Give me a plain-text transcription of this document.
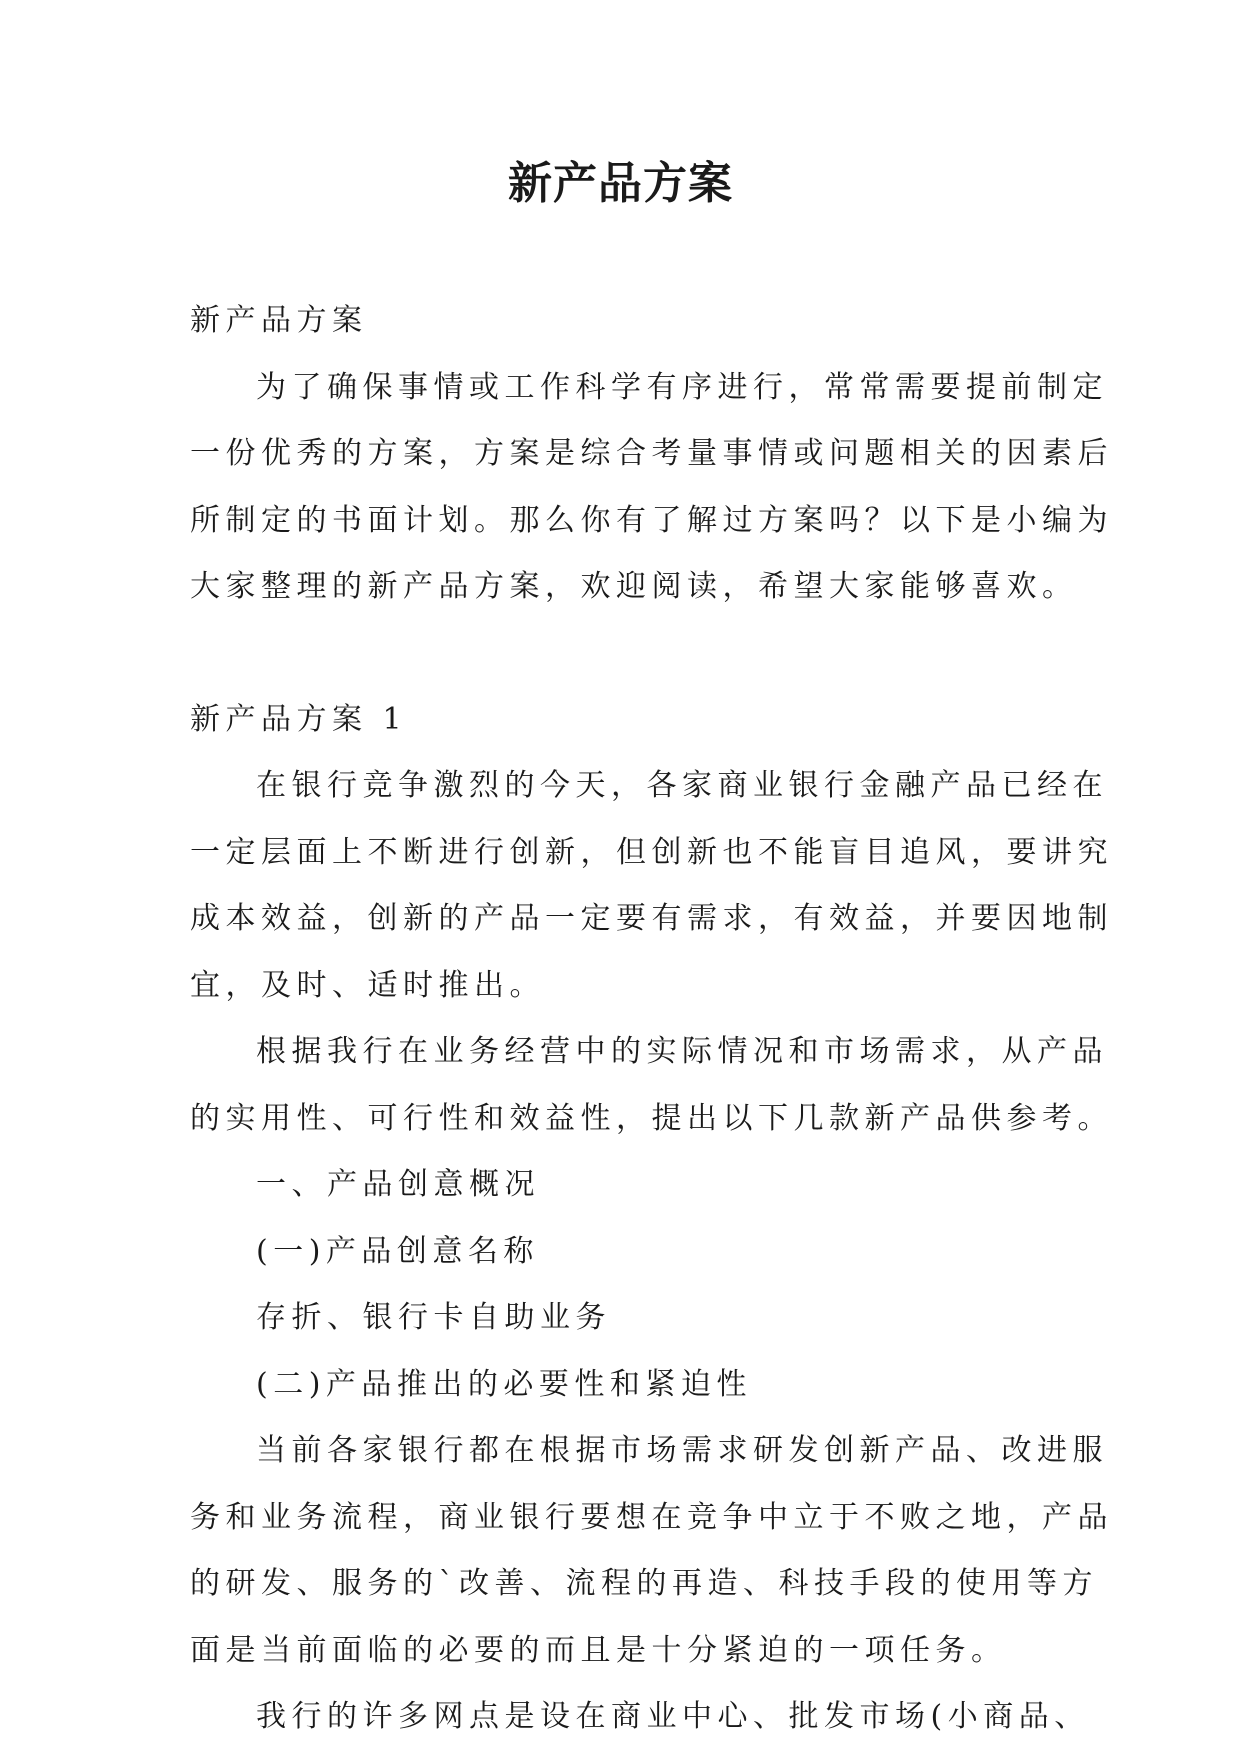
新产品方案

新产品方案

为了确保事情或工作科学有序进行，常常需要提前制定

一份优秀的方案，方案是综合考量事情或问题相关的因素后

所制定的书面计划。那么你有了解过方案吗？以下是小编为

大家整理的新产品方案，欢迎阅读，希望大家能够喜欢。

新产品方案 1

在银行竞争激烈的今天，各家商业银行金融产品已经在

一定层面上不断进行创新，但创新也不能盲目追风，要讲究

成本效益，创新的产品一定要有需求，有效益，并要因地制

宜，及时、适时推出。

根据我行在业务经营中的实际情况和市场需求，从产品

的实用性、可行性和效益性，提出以下几款新产品供参考。

一、产品创意概况

(一)产品创意名称

存折、银行卡自助业务

(二)产品推出的必要性和紧迫性

当前各家银行都在根据市场需求研发创新产品、改进服

务和业务流程，商业银行要想在竞争中立于不败之地，产品

的研发、服务的`改善、流程的再造、科技手段的使用等方

面是当前面临的必要的而且是十分紧迫的一项任务。

我行的许多网点是设在商业中心、批发市场(小商品、
